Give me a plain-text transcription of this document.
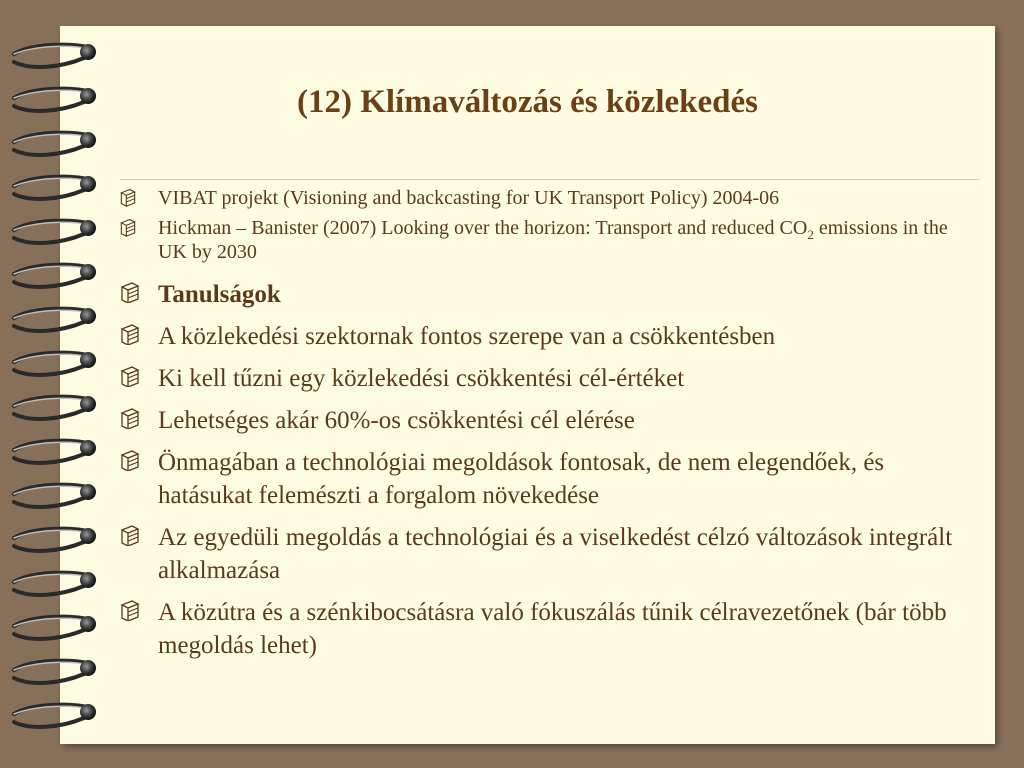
(12) Klímaváltozás és közlekedés
VIBAT projekt (Visioning and backcasting for UK Transport Policy) 2004-06
Hickman – Banister (2007) Looking over the horizon: Transport and reduced $CO_2$ emissions in the UK by 2030
Tanulságok
A közlekedési szektornak fontos szerepe van a csökkentésben
Ki kell tűzni egy közlekedési csökkentési cél-értéket
Lehetséges akár 60%-os csökkentési cél elérése
Önmagában a technológiai megoldások fontosak, de nem elegendőek, és hatásukat felemészti a forgalom növekedése
Az egyedüli megoldás a technológiai és a viselkedést célzó változások integrált alkalmazása
A közútra és a szénkibocsátásra való fókuszálás tűnik célravezetőnek (bár több megoldás lehet)
